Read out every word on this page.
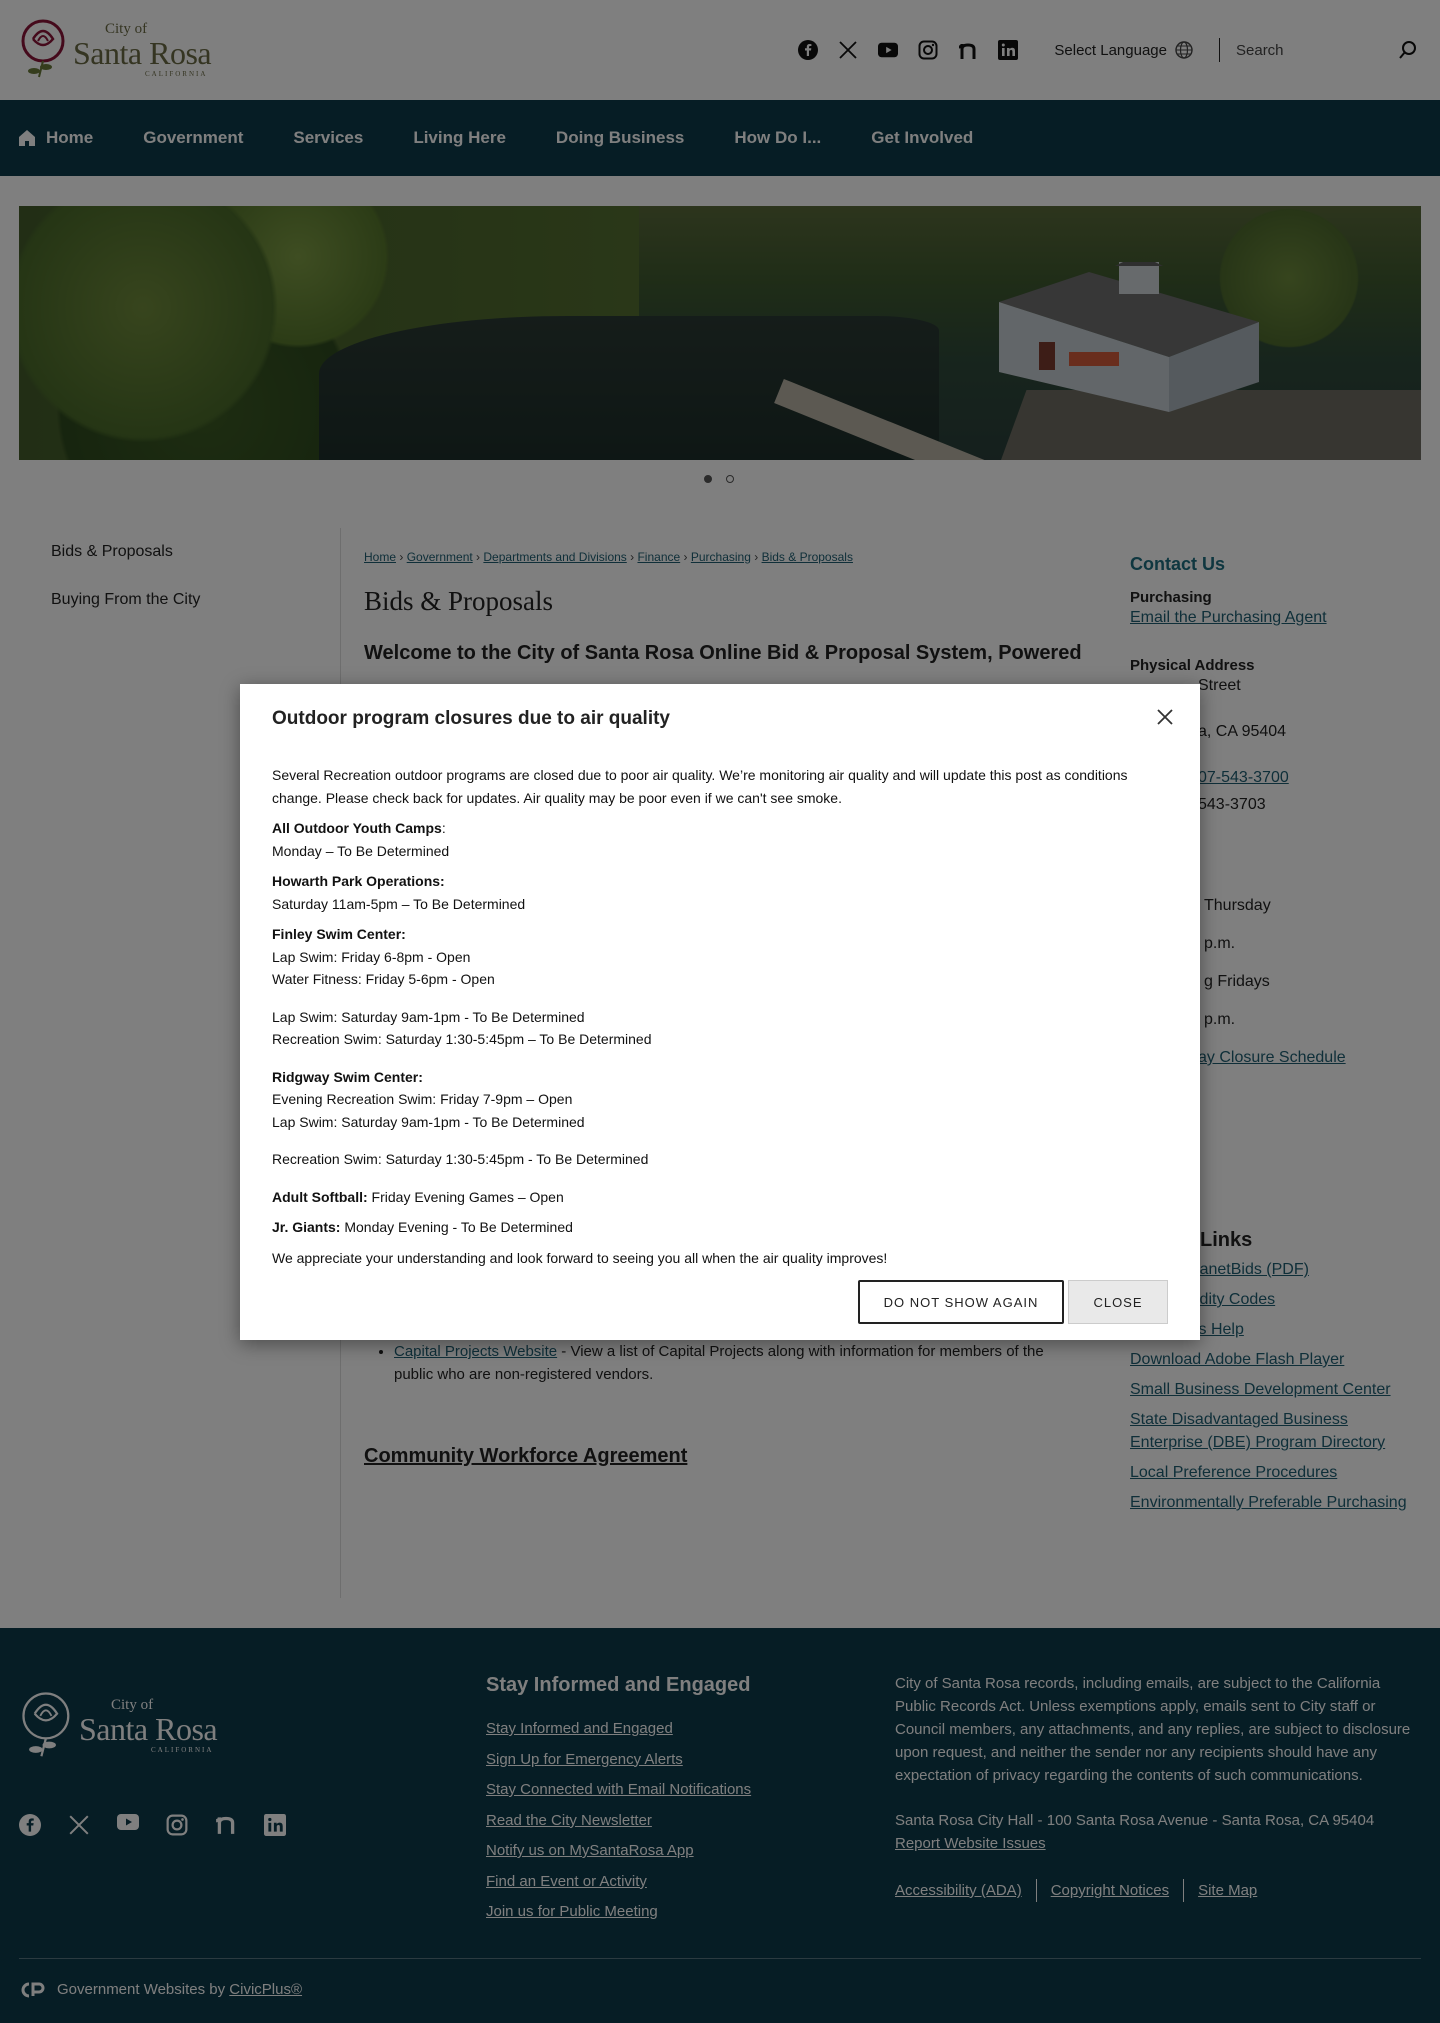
Search
•

Outdoor program closures due to air quality

Several Recreation outdoor programs are closed due to poor air quality. We’re monitoring air quality and will update this post as conditions change. Please check back for updates. Air quality may be poor even if we can't see smoke.

All Outdoor Youth Camps:
Monday – To Be Determined

Howarth Park Operations:
Saturday 11am-5pm – To Be Determined

Finley Swim Center:
Lap Swim: Friday 6-8pm - Open
Water Fitness: Friday 5-6pm - Open

Lap Swim: Saturday 9am-1pm - To Be Determined
Recreation Swim: Saturday 1:30-5:45pm – To Be Determined

Ridgway Swim Center:
Evening Recreation Swim: Friday 7-9pm – Open
Lap Swim: Saturday 9am-1pm - To Be Determined

Recreation Swim: Saturday 1:30-5:45pm - To Be Determined

Adult Softball: Friday Evening Games – Open

Jr. Giants: Monday Evening - To Be Determined

We appreciate your understanding and look forward to seeing you all when the air quality improves!

DO NOT SHOW AGAIN	CLOSE
